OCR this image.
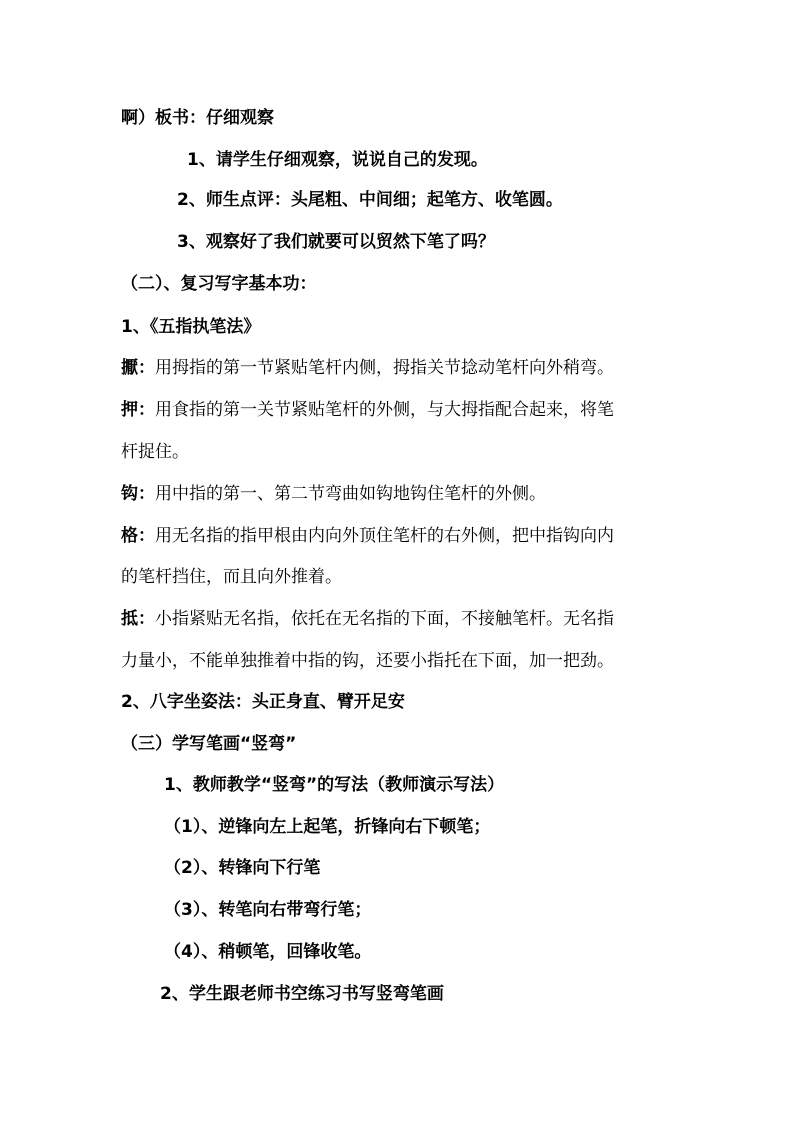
啊）板书：仔细观察
1、请学生仔细观察，说说自己的发现。
2、师生点评：头尾粗、中间细；起笔方、收笔圆。
3、观察好了我们就要可以贸然下笔了吗？
（二）、复习写字基本功：
1、《五指执笔法》
擫：用拇指的第一节紧贴笔杆内侧，拇指关节捻动笔杆向外稍弯。
押：用食指的第一关节紧贴笔杆的外侧，与大拇指配合起来，将笔
杆捉住。
钩：用中指的第一、第二节弯曲如钩地钩住笔杆的外侧。
格：用无名指的指甲根由内向外顶住笔杆的右外侧，把中指钩向内
的笔杆挡住，而且向外推着。
抵：小指紧贴无名指，依托在无名指的下面，不接触笔杆。无名指
力量小，不能单独推着中指的钩，还要小指托在下面，加一把劲。
2、八字坐姿法：头正身直、臂开足安
（三）学写笔画“竖弯”
1、教师教学“竖弯”的写法（教师演示写法）
（1）、逆锋向左上起笔，折锋向右下顿笔；
（2）、转锋向下行笔
（3）、转笔向右带弯行笔；
（4）、稍顿笔，回锋收笔。
2、学生跟老师书空练习书写竖弯笔画
